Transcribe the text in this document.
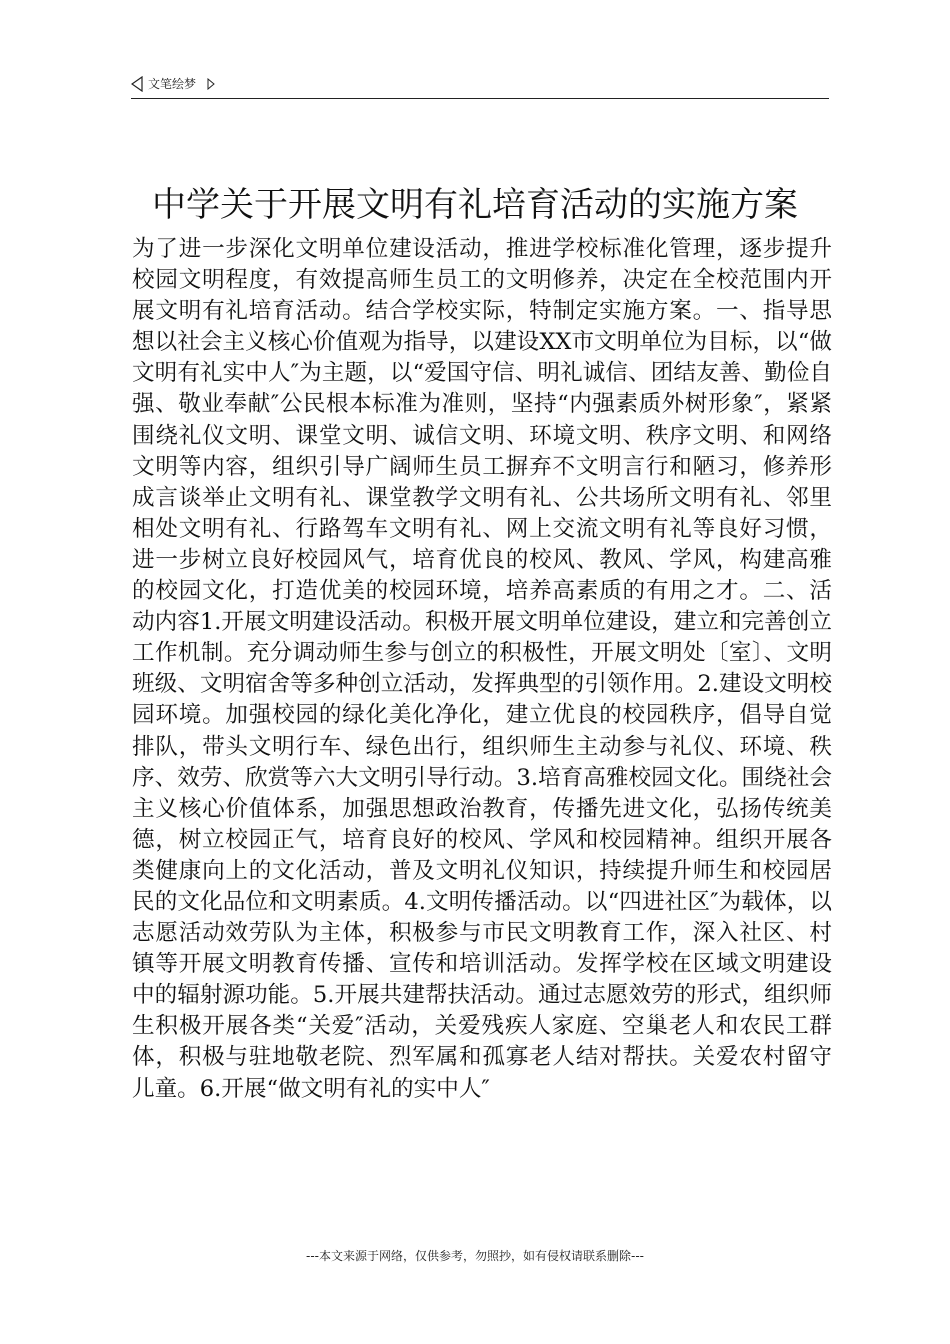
文笔绘梦
中学关于开展文明有礼培育活动的实施方案

为了进一步深化文明单位建设活动，推进学校标准化管理，逐步提升校园文明程度，有效提高师生员工的文明修养，决定在全校范围内开展文明有礼培育活动。结合学校实际，特制定实施方案。一、指导思想以社会主义核心价值观为指导，以建设XX市文明单位为目标，以“做文明有礼实中人″为主题，以“爱国守信、明礼诚信、团结友善、勤俭自强、敬业奉献″公民根本标准为准则，坚持“内强素质外树形象″，紧紧围绕礼仪文明、课堂文明、诚信文明、环境文明、秩序文明、和网络文明等内容，组织引导广阔师生员工摒弃不文明言行和陋习，修养形成言谈举止文明有礼、课堂教学文明有礼、公共场所文明有礼、邻里相处文明有礼、行路驾车文明有礼、网上交流文明有礼等良好习惯，进一步树立良好校园风气，培育优良的校风、教风、学风，构建高雅的校园文化，打造优美的校园环境，培养高素质的有用之才。二、活动内容1.开展文明建设活动。积极开展文明单位建设，建立和完善创立工作机制。充分调动师生参与创立的积极性，开展文明处〔室〕、文明班级、文明宿舍等多种创立活动，发挥典型的引领作用。2.建设文明校园环境。加强校园的绿化美化净化，建立优良的校园秩序，倡导自觉排队，带头文明行车、绿色出行，组织师生主动参与礼仪、环境、秩序、效劳、欣赏等六大文明引导行动。3.培育高雅校园文化。围绕社会主义核心价值体系，加强思想政治教育，传播先进文化，弘扬传统美德，树立校园正气，培育良好的校风、学风和校园精神。组织开展各类健康向上的文化活动，普及文明礼仪知识，持续提升师生和校园居民的文化品位和文明素质。4.文明传播活动。以“四进社区″为载体，以志愿活动效劳队为主体，积极参与市民文明教育工作，深入社区、村镇等开展文明教育传播、宣传和培训活动。发挥学校在区域文明建设中的辐射源功能。5.开展共建帮扶活动。通过志愿效劳的形式，组织师生积极开展各类“关爱″活动，关爱残疾人家庭、空巢老人和农民工群体，积极与驻地敬老院、烈军属和孤寡老人结对帮扶。关爱农村留守儿童。6.开展“做文明有礼的实中人″

---本文来源于网络，仅供参考，勿照抄，如有侵权请联系删除---
